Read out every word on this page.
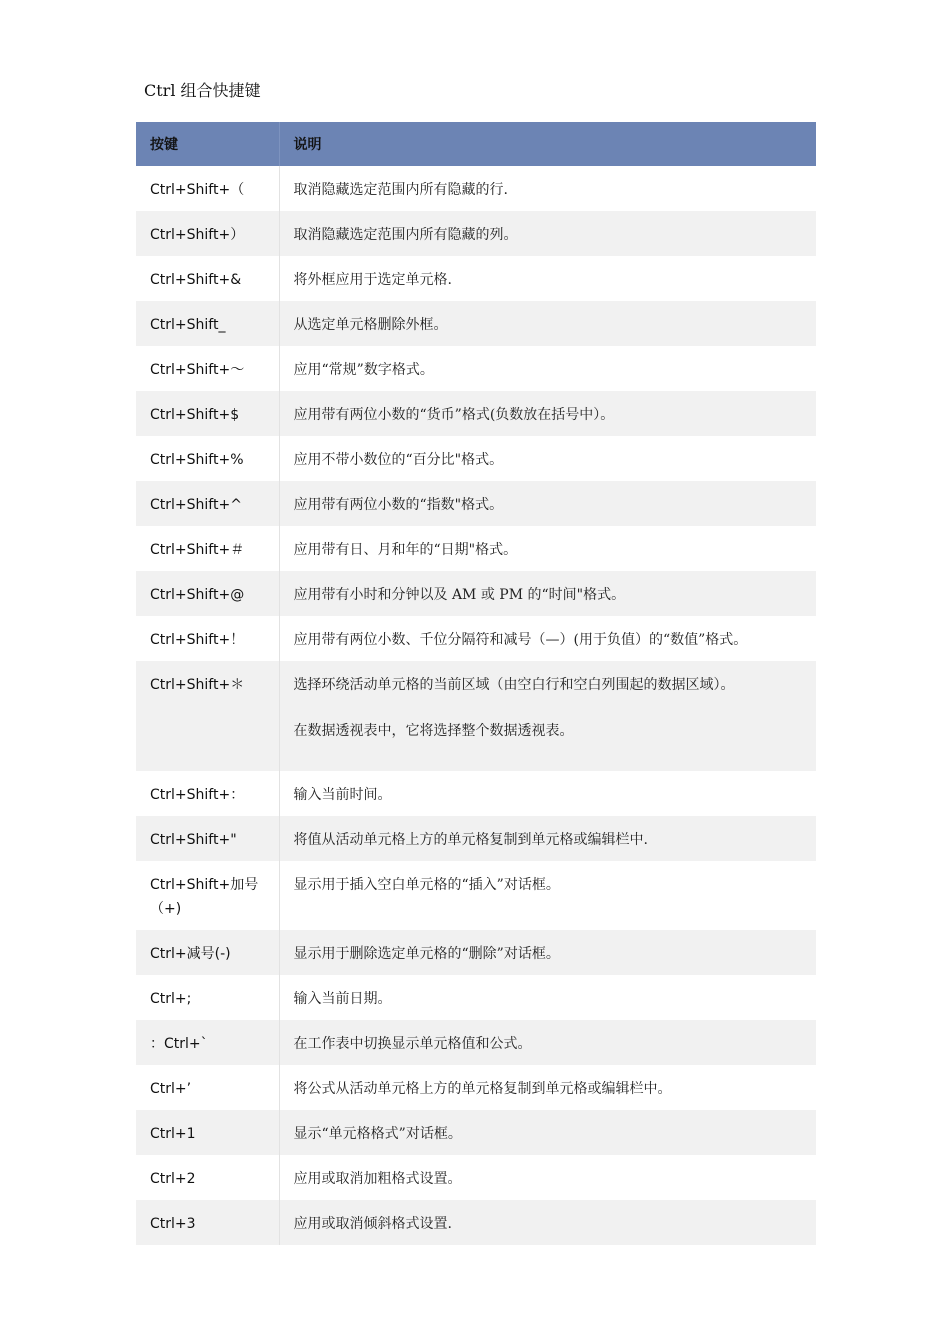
Ctrl 组合快捷键
按键	说明
Ctrl+Shift+（	取消隐藏选定范围内所有隐藏的行.

Ctrl+Shift+）	取消隐藏选定范围内所有隐藏的列。

Ctrl+Shift+&	将外框应用于选定单元格.

Ctrl+Shift_	从选定单元格删除外框。

Ctrl+Shift+～	应用“常规”数字格式。

Ctrl+Shift+$	应用带有两位小数的“货币”格式(负数放在括号中）。

Ctrl+Shift+%	应用不带小数位的“百分比"格式。

Ctrl+Shift+^	应用带有两位小数的“指数"格式。

Ctrl+Shift+＃	应用带有日、月和年的“日期"格式。

Ctrl+Shift+@	应用带有小时和分钟以及 AM 或 PM 的“时间"格式。

Ctrl+Shift+！	应用带有两位小数、千位分隔符和减号（—）(用于负值）的“数值”格式。

Ctrl+Shift+＊	选择环绕活动单元格的当前区域（由空白行和空白列围起的数据区域）。

在数据透视表中，它将选择整个数据透视表。

Ctrl+Shift+：	输入当前时间。

Ctrl+Shift+"	将值从活动单元格上方的单元格复制到单元格或编辑栏中.

Ctrl+Shift+加号（+)	显示用于插入空白单元格的“插入”对话框。

Ctrl+减号(-)	显示用于删除选定单元格的“删除”对话框。

Ctrl+;	输入当前日期。

：Ctrl+`	在工作表中切换显示单元格值和公式。

Ctrl+’	将公式从活动单元格上方的单元格复制到单元格或编辑栏中。

Ctrl+1	显示“单元格格式”对话框。

Ctrl+2	应用或取消加粗格式设置。

Ctrl+3	应用或取消倾斜格式设置.
